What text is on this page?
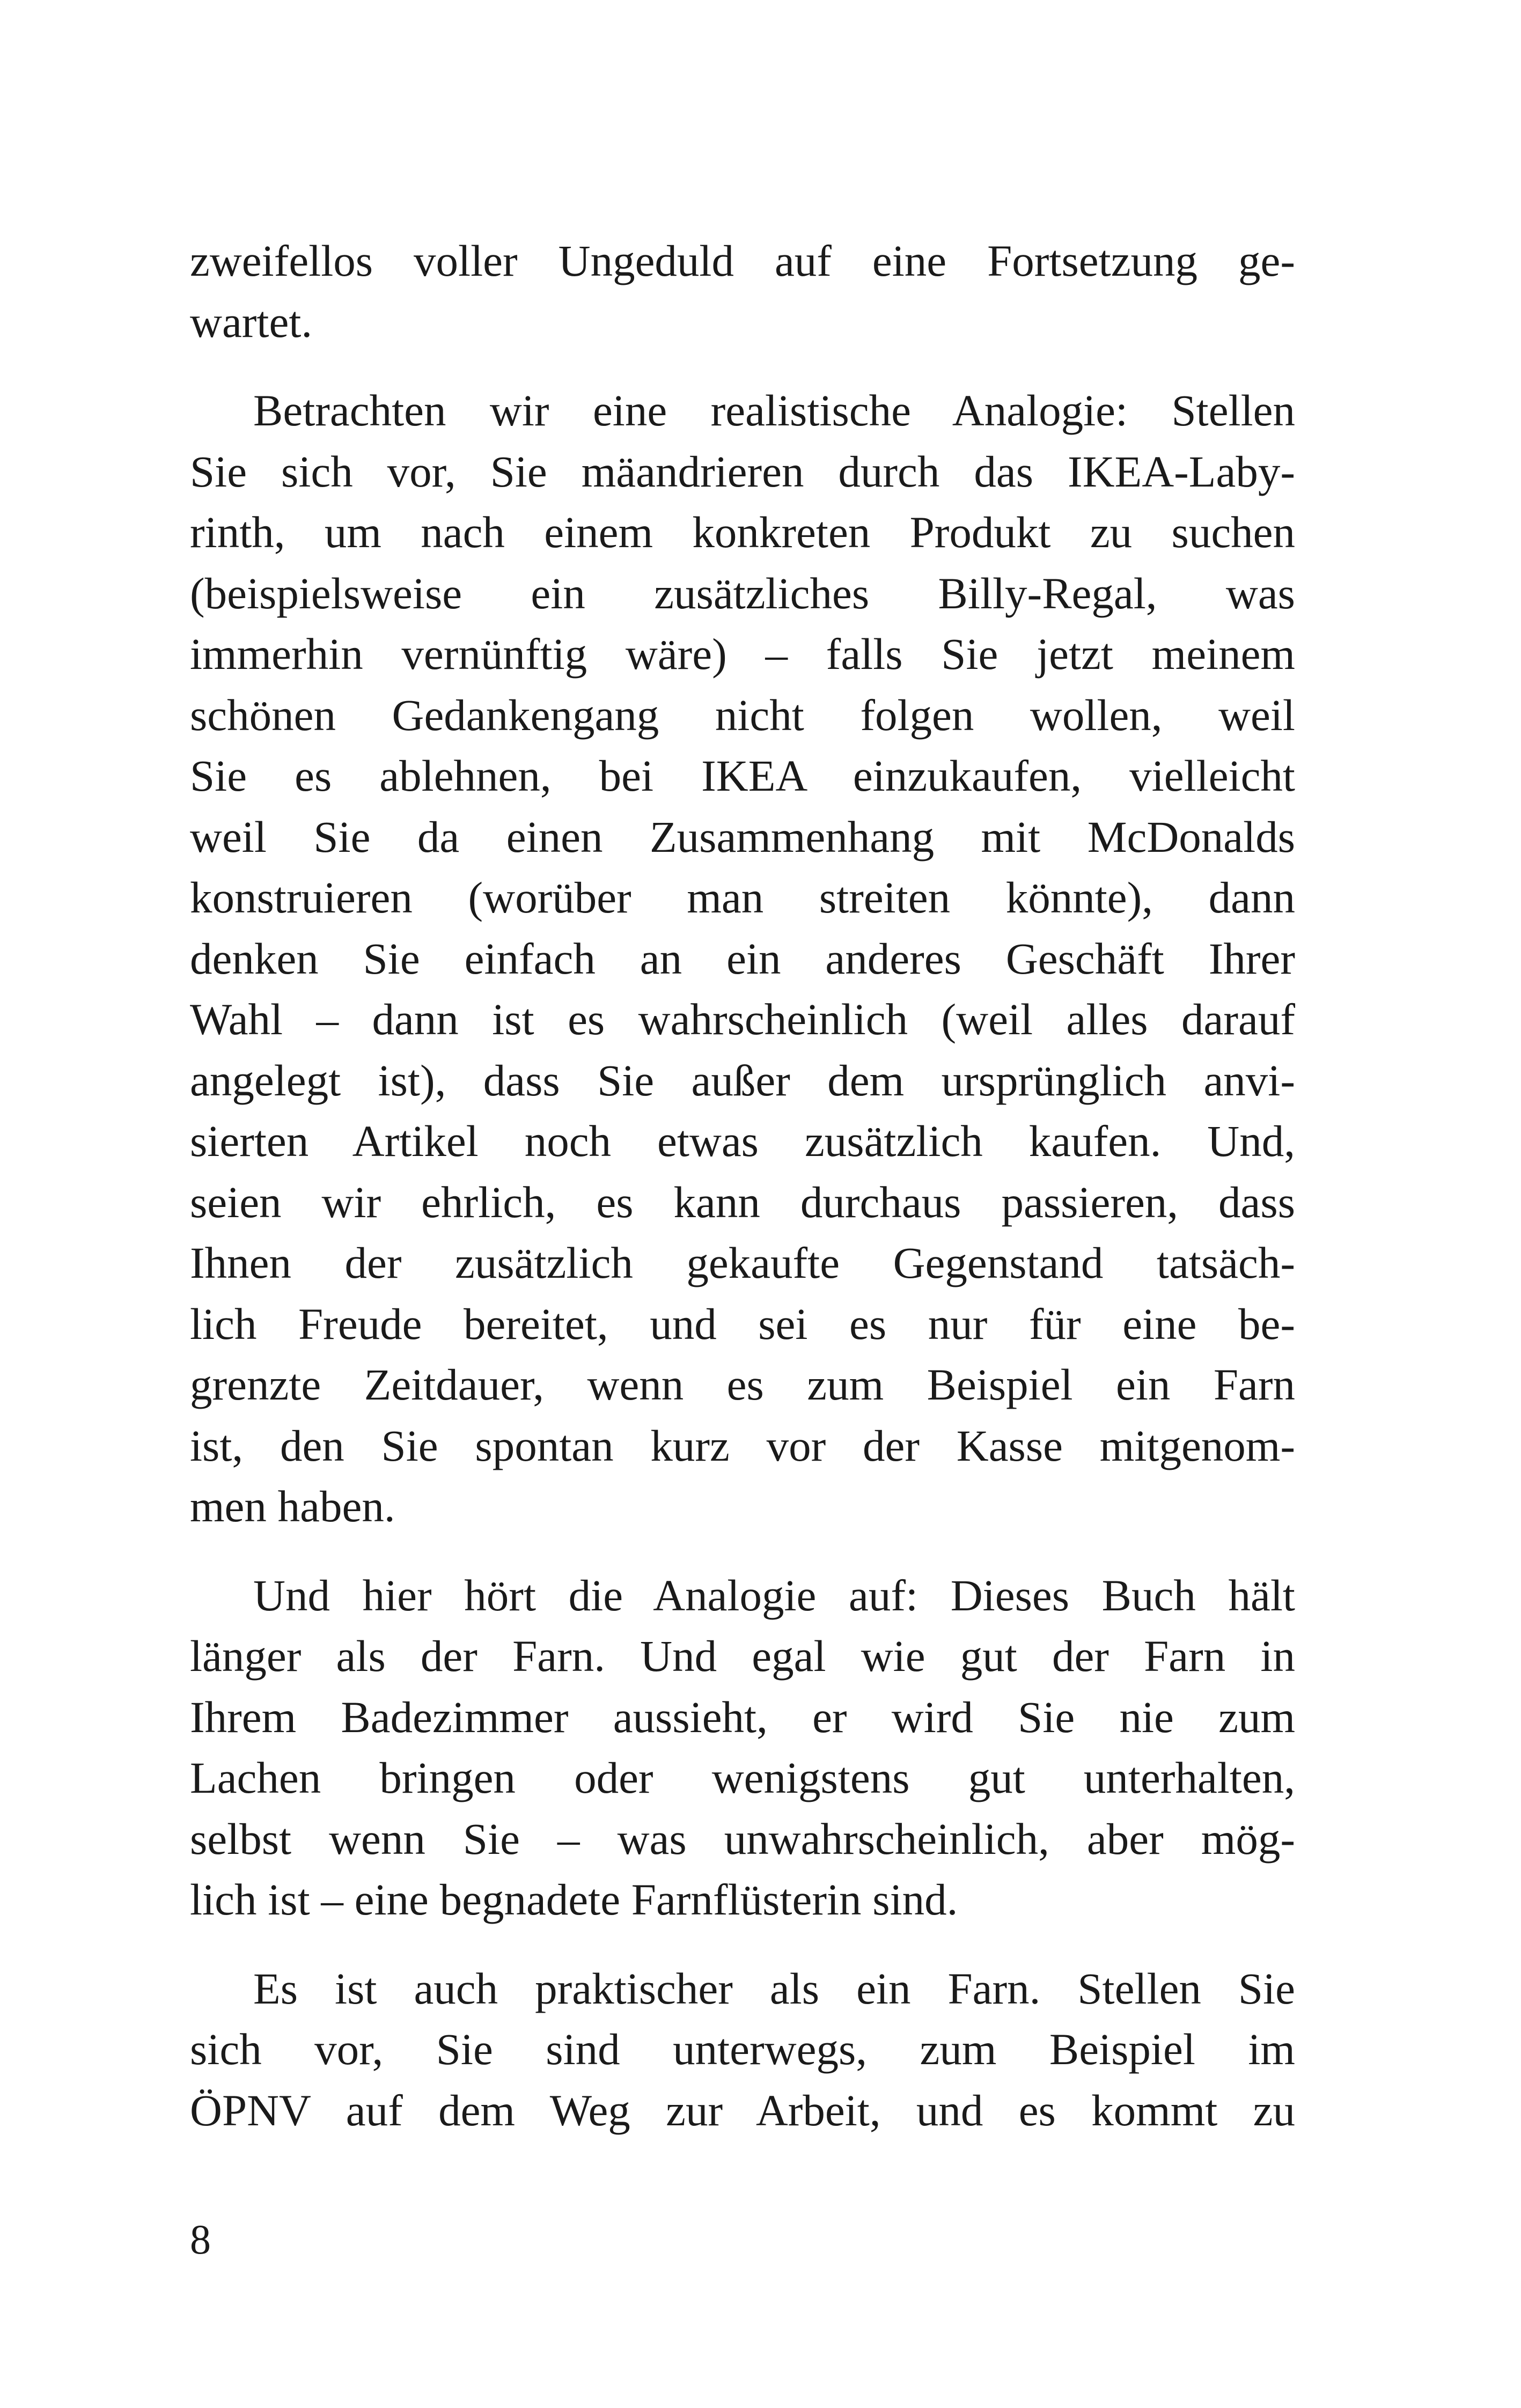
zweifellos voller Ungeduld auf eine Fortsetzung ge-
wartet.
Betrachten wir eine realistische Analogie: Stellen
Sie sich vor, Sie mäandrieren durch das IKEA-Laby-
rinth, um nach einem konkreten Produkt zu suchen
(beispielsweise ein zusätzliches Billy-Regal, was
immerhin vernünftig wäre) – falls Sie jetzt meinem
schönen Gedankengang nicht folgen wollen, weil
Sie es ablehnen, bei IKEA einzukaufen, vielleicht
weil Sie da einen Zusammenhang mit McDonalds
konstruieren (worüber man streiten könnte), dann
denken Sie einfach an ein anderes Geschäft Ihrer
Wahl – dann ist es wahrscheinlich (weil alles darauf
angelegt ist), dass Sie außer dem ursprünglich anvi-
sierten Artikel noch etwas zusätzlich kaufen. Und,
seien wir ehrlich, es kann durchaus passieren, dass
Ihnen der zusätzlich gekaufte Gegenstand tatsäch-
lich Freude bereitet, und sei es nur für eine be-
grenzte Zeitdauer, wenn es zum Beispiel ein Farn
ist, den Sie spontan kurz vor der Kasse mitgenom-
men haben.
Und hier hört die Analogie auf: Dieses Buch hält
länger als der Farn. Und egal wie gut der Farn in
Ihrem Badezimmer aussieht, er wird Sie nie zum
Lachen bringen oder wenigstens gut unterhalten,
selbst wenn Sie – was unwahrscheinlich, aber mög-
lich ist – eine begnadete Farnflüsterin sind.
Es ist auch praktischer als ein Farn. Stellen Sie
sich vor, Sie sind unterwegs, zum Beispiel im
ÖPNV auf dem Weg zur Arbeit, und es kommt zu
8
